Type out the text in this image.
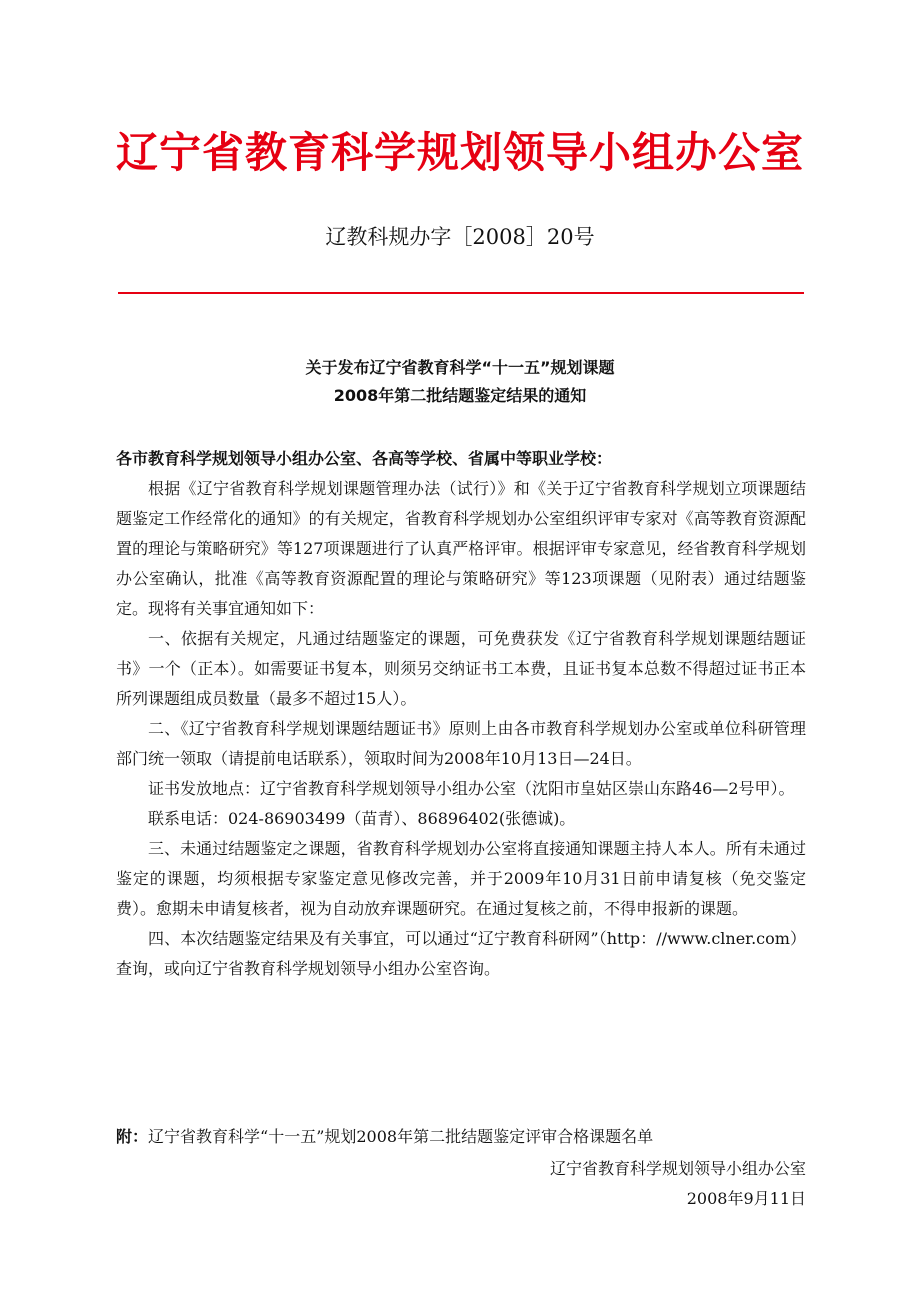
辽宁省教育科学规划领导小组办公室
辽教科规办字［2008］20号
关于发布辽宁省教育科学“十一五”规划课题
2008年第二批结题鉴定结果的通知
各市教育科学规划领导小组办公室、各高等学校、省属中等职业学校：

根据《辽宁省教育科学规划课题管理办法（试行）》和《关于辽宁省教育科学规划立项课题结题鉴定工作经常化的通知》的有关规定，省教育科学规划办公室组织评审专家对《高等教育资源配置的理论与策略研究》等127项课题进行了认真严格评审。根据评审专家意见，经省教育科学规划办公室确认，批准《高等教育资源配置的理论与策略研究》等123项课题（见附表）通过结题鉴定。现将有关事宜通知如下：

一、依据有关规定，凡通过结题鉴定的课题，可免费获发《辽宁省教育科学规划课题结题证书》一个（正本）。如需要证书复本，则须另交纳证书工本费，且证书复本总数不得超过证书正本所列课题组成员数量（最多不超过15人）。

二、《辽宁省教育科学规划课题结题证书》原则上由各市教育科学规划办公室或单位科研管理部门统一领取（请提前电话联系），领取时间为2008年10月13日—24日。

证书发放地点：辽宁省教育科学规划领导小组办公室（沈阳市皇姑区崇山东路46—2号甲）。

联系电话：024-86903499（苗青）、86896402(张德诚)。

三、未通过结题鉴定之课题，省教育科学规划办公室将直接通知课题主持人本人。所有未通过鉴定的课题，均须根据专家鉴定意见修改完善，并于2009年10月31日前申请复核（免交鉴定费）。愈期未申请复核者，视为自动放弃课题研究。在通过复核之前，不得申报新的课题。

四、本次结题鉴定结果及有关事宜，可以通过“辽宁教育科研网”（http：//www.clner.com）查询，或向辽宁省教育科学规划领导小组办公室咨询。

附：辽宁省教育科学“十一五”规划2008年第二批结题鉴定评审合格课题名单
辽宁省教育科学规划领导小组办公室
2008年9月11日
